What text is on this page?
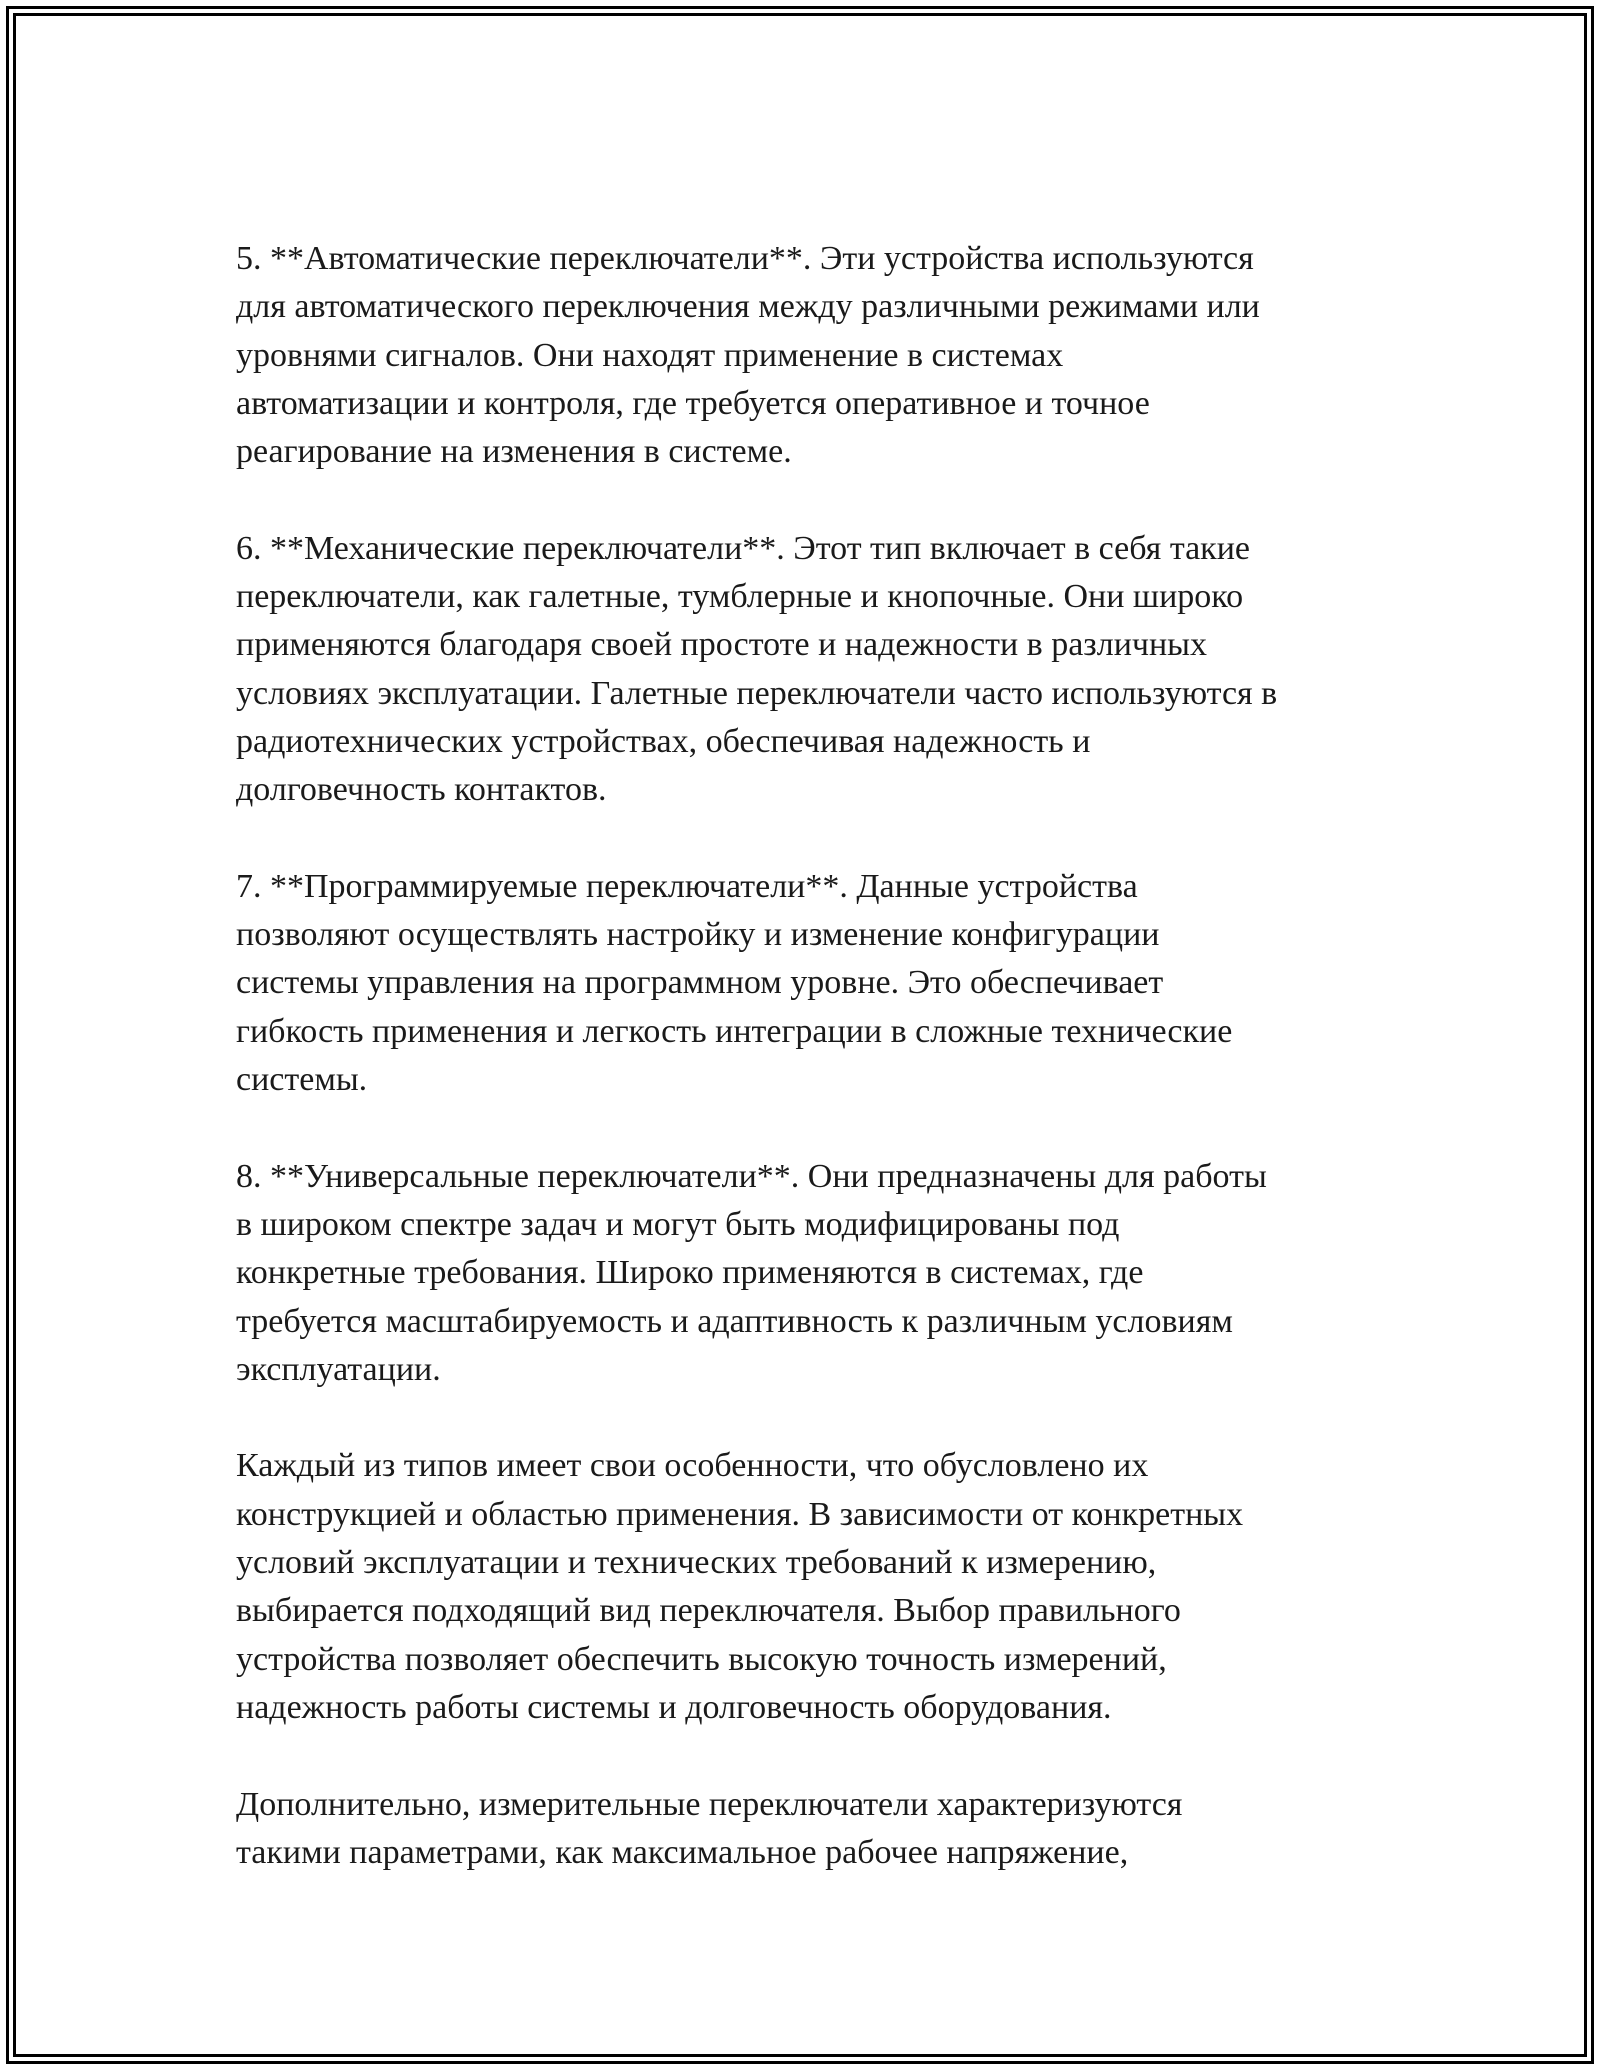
5. **Автоматические переключатели**. Эти устройства используются
для автоматического переключения между различными режимами или
уровнями сигналов. Они находят применение в системах
автоматизации и контроля, где требуется оперативное и точное
реагирование на изменения в системе.

6. **Механические переключатели**. Этот тип включает в себя такие
переключатели, как галетные, тумблерные и кнопочные. Они широко
применяются благодаря своей простоте и надежности в различных
условиях эксплуатации. Галетные переключатели часто используются в
радиотехнических устройствах, обеспечивая надежность и
долговечность контактов.

7. **Программируемые переключатели**. Данные устройства
позволяют осуществлять настройку и изменение конфигурации
системы управления на программном уровне. Это обеспечивает
гибкость применения и легкость интеграции в сложные технические
системы.

8. **Универсальные переключатели**. Они предназначены для работы
в широком спектре задач и могут быть модифицированы под
конкретные требования. Широко применяются в системах, где
требуется масштабируемость и адаптивность к различным условиям
эксплуатации.

Каждый из типов имеет свои особенности, что обусловлено их
конструкцией и областью применения. В зависимости от конкретных
условий эксплуатации и технических требований к измерению,
выбирается подходящий вид переключателя. Выбор правильного
устройства позволяет обеспечить высокую точность измерений,
надежность работы системы и долговечность оборудования.

Дополнительно, измерительные переключатели характеризуются
такими параметрами, как максимальное рабочее напряжение,
